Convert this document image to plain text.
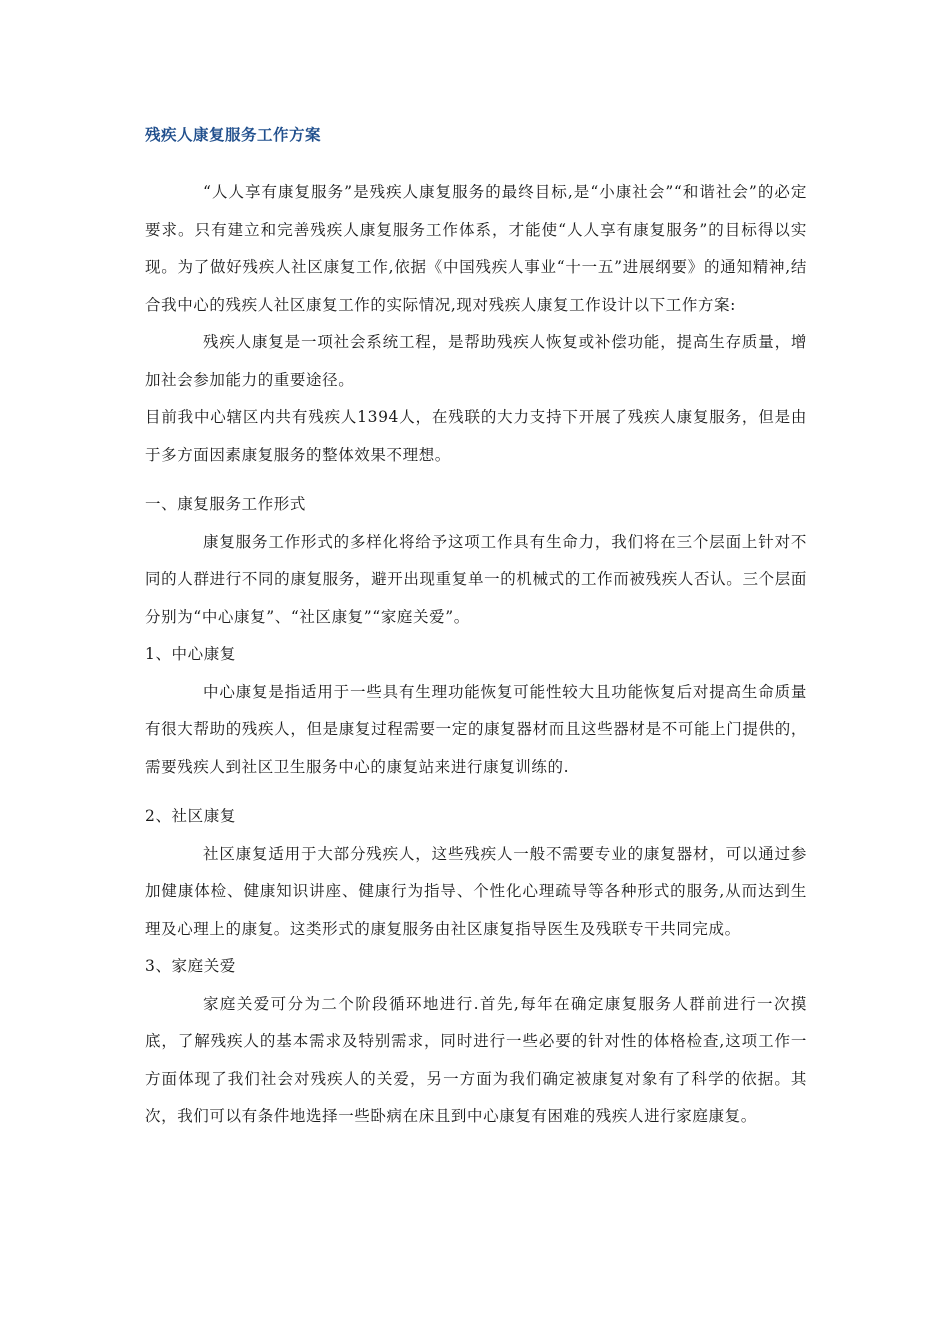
残疾人康复服务工作方案

“人人享有康复服务”是残疾人康复服务的最终目标,是“小康社会”“和谐社会”的必定要求。只有建立和完善残疾人康复服务工作体系，才能使“人人享有康复服务”的目标得以实现。为了做好残疾人社区康复工作,依据《中国残疾人事业“十一五”进展纲要》的通知精神,结合我中心的残疾人社区康复工作的实际情况,现对残疾人康复工作设计以下工作方案:

残疾人康复是一项社会系统工程，是帮助残疾人恢复或补偿功能，提高生存质量，增加社会参加能力的重要途径。

目前我中心辖区内共有残疾人1394人，在残联的大力支持下开展了残疾人康复服务，但是由于多方面因素康复服务的整体效果不理想。

一、康复服务工作形式

康复服务工作形式的多样化将给予这项工作具有生命力，我们将在三个层面上针对不同的人群进行不同的康复服务，避开出现重复单一的机械式的工作而被残疾人否认。三个层面分别为“中心康复”、“社区康复”“家庭关爱”。

1、中心康复

中心康复是指适用于一些具有生理功能恢复可能性较大且功能恢复后对提高生命质量有很大帮助的残疾人，但是康复过程需要一定的康复器材而且这些器材是不可能上门提供的，需要残疾人到社区卫生服务中心的康复站来进行康复训练的.

2、社区康复

社区康复适用于大部分残疾人，这些残疾人一般不需要专业的康复器材，可以通过参加健康体检、健康知识讲座、健康行为指导、个性化心理疏导等各种形式的服务,从而达到生理及心理上的康复。这类形式的康复服务由社区康复指导医生及残联专干共同完成。

3、家庭关爱

家庭关爱可分为二个阶段循环地进行.首先,每年在确定康复服务人群前进行一次摸底，了解残疾人的基本需求及特别需求，同时进行一些必要的针对性的体格检查,这项工作一方面体现了我们社会对残疾人的关爱，另一方面为我们确定被康复对象有了科学的依据。其次，我们可以有条件地选择一些卧病在床且到中心康复有困难的残疾人进行家庭康复。
